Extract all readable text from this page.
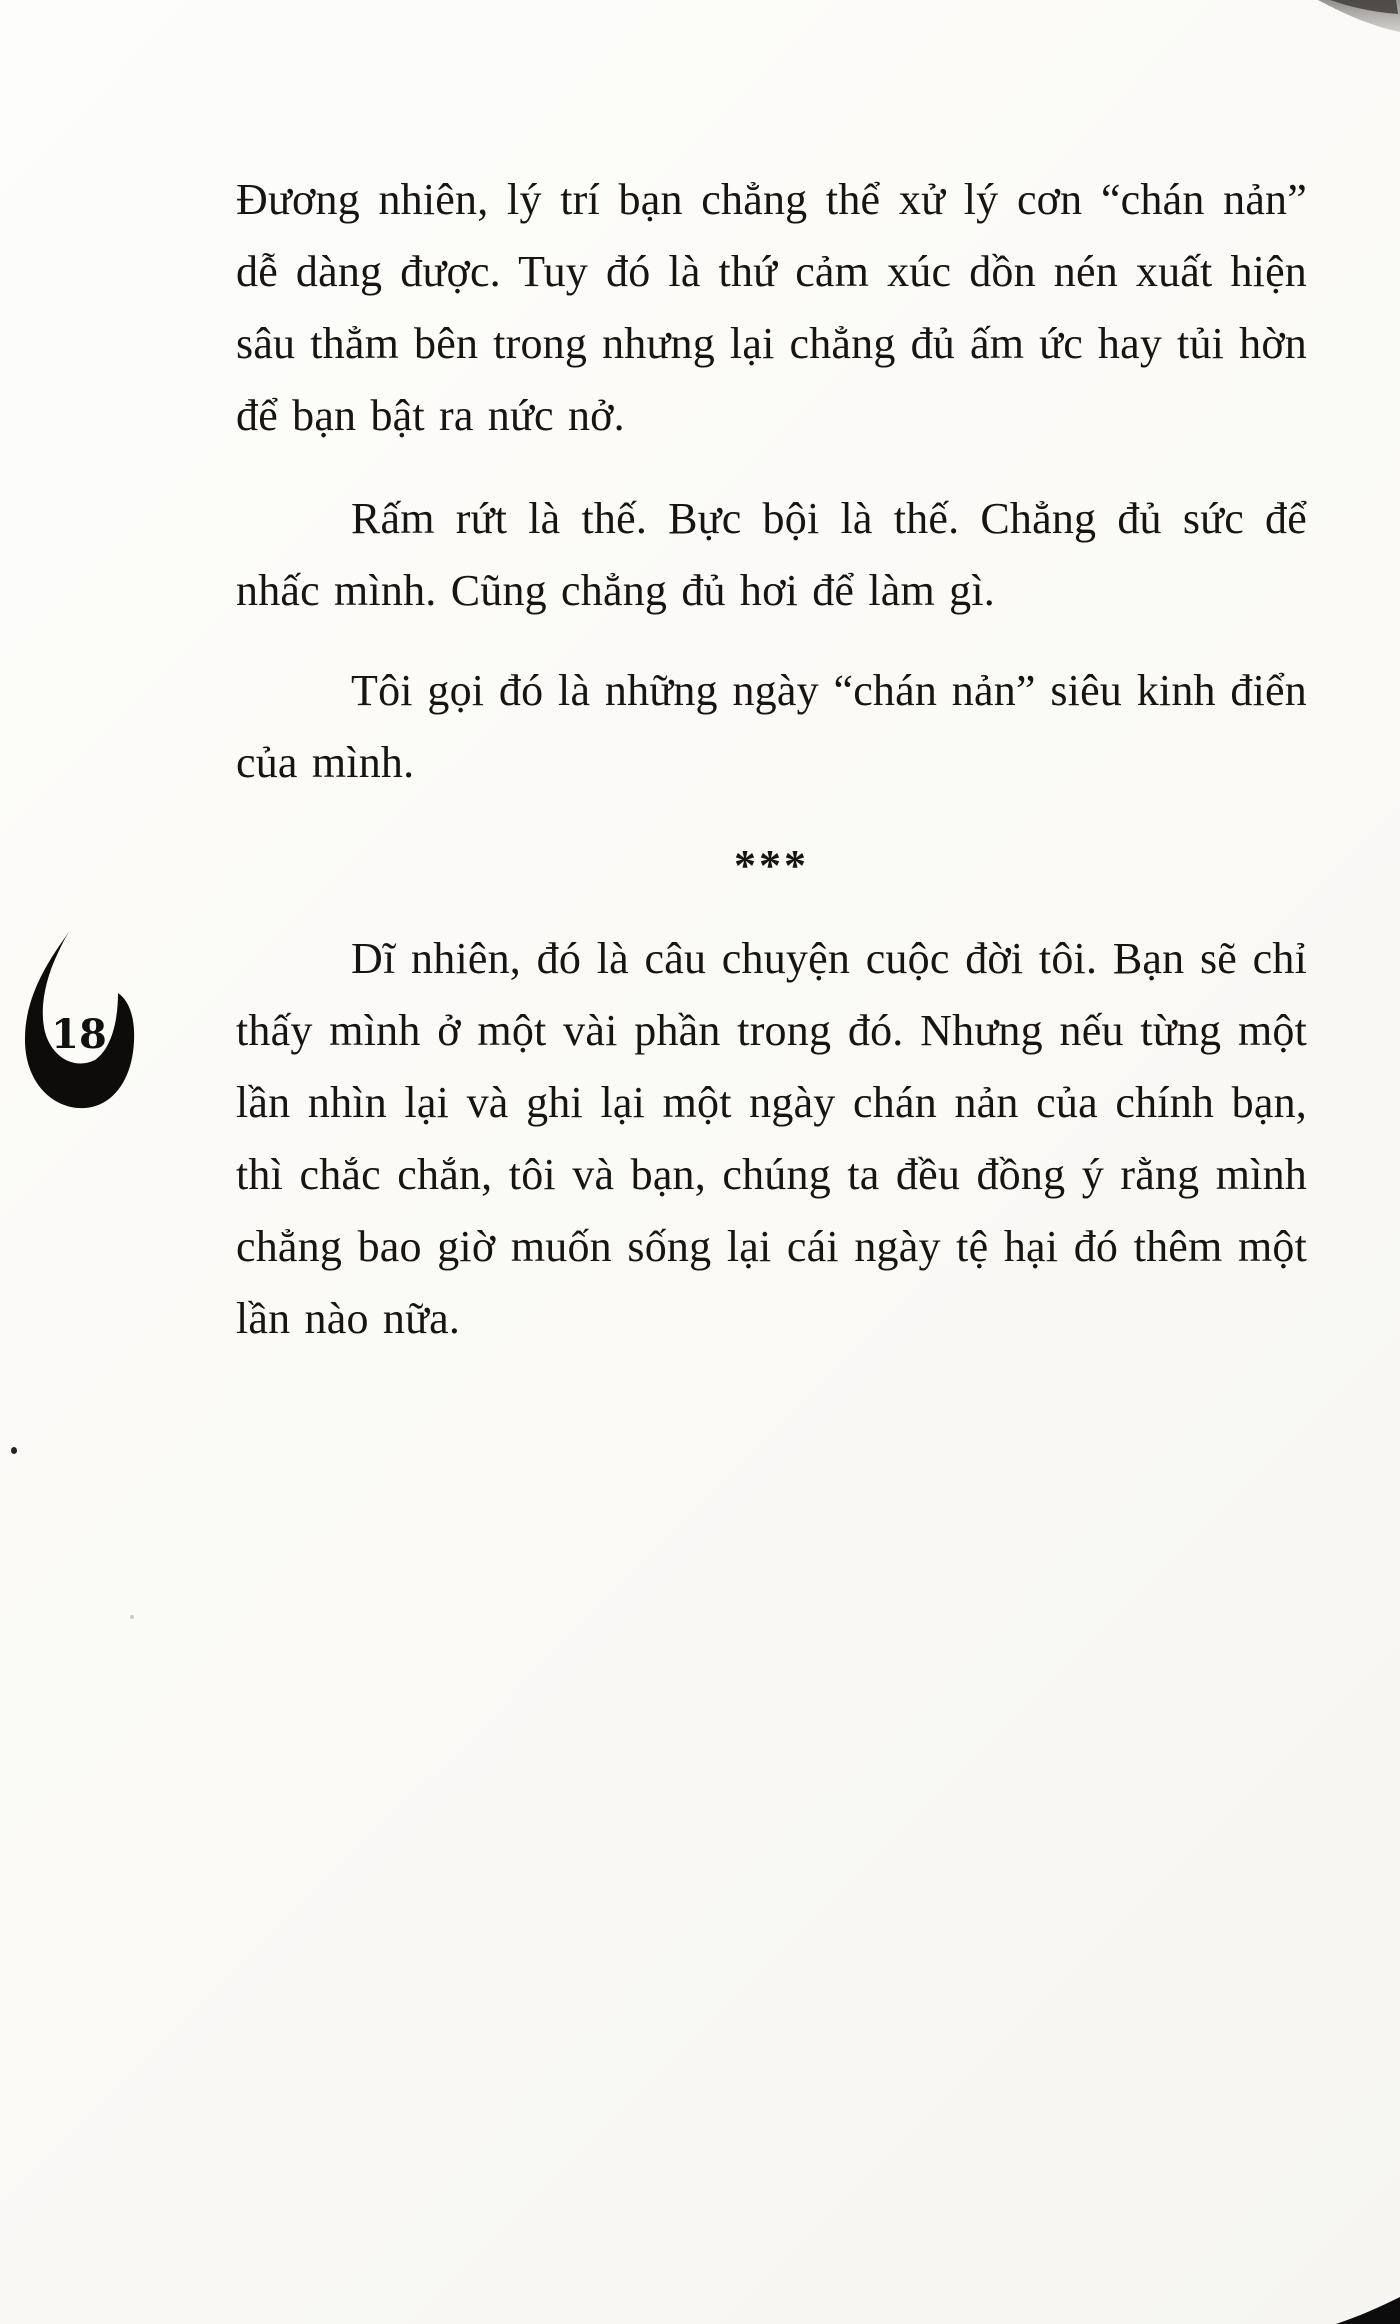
18

Đương nhiên, lý trí bạn chẳng thể xử lý cơn “chán nản” dễ dàng được. Tuy đó là thứ cảm xúc dồn nén xuất hiện sâu thẳm bên trong nhưng lại chẳng đủ ấm ức hay tủi hờn để bạn bật ra nức nở.

Rấm rứt là thế. Bực bội là thế. Chẳng đủ sức để nhấc mình. Cũng chẳng đủ hơi để làm gì.

Tôi gọi đó là những ngày “chán nản” siêu kinh điển của mình.

***

Dĩ nhiên, đó là câu chuyện cuộc đời tôi. Bạn sẽ chỉ thấy mình ở một vài phần trong đó. Nhưng nếu từng một lần nhìn lại và ghi lại một ngày chán nản của chính bạn, thì chắc chắn, tôi và bạn, chúng ta đều đồng ý rằng mình chẳng bao giờ muốn sống lại cái ngày tệ hại đó thêm một lần nào nữa.
